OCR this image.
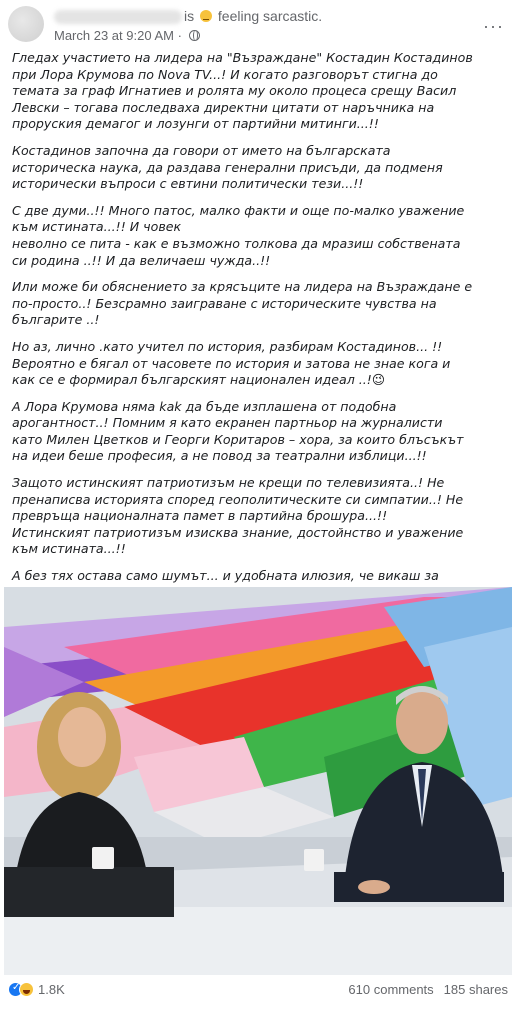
is feeling sarcastic.
March 23 at 9:20 AM ·	···

Гледах участието на лидера на "Възраждане" Костадин Костадинов
при Лора Крумова по Nova TV...! И когато разговорът стигна до
темата за граф Игнатиев и ролята му около процеса срещу Васил
Левски – тогава последваха директни цитати от наръчника на
проруския демагог и лозунги от партийни митинги...!!

Костадинов започна да говори от името на българската
историческа наука, да раздава генерални присъди, да подменя
исторически въпроси с евтини политически тези...!!

С две думи..!! Много патос, малко факти и още по-малко уважение
към истината...!! И човек
неволно се пита - как е възможно толкова да мразиш собствената
си родина ..!! И да величаеш чужда..!!

Или може би обяснението за крясъците на лидера на Възраждане е
по-просто..! Безсрамно заиграване с историческите чувства на
българите ..!

Но аз, лично .като учител по история, разбирам Костадинов... !!
Вероятно е бягал от часовете по история и затова не знае кога и
как се е формирал българският национален идеал ..!😉

А Лора Крумова няма kak да бъде изплашена от подобна
aрогантност..! Помним я като екранен партньор на журналисти
като Милен Цветков и Георги Коритаров – хора, за които блъсъкът
на идеи беше професия, а не повод за театрални изблици...!!

Защото истинският патриотизъм не крещи по телевизията..! Не
пренаписва историята според геополитическите си симпатии..! Не
превръща националната памет в партийна брошура...!!
Истинският патриотизъм изисква знание, достойнство и уважение
към истината...!!

А без тях остава само шумът... и удобната илюзия, че викаш за

✓1.8K	610 comments 185 shares
